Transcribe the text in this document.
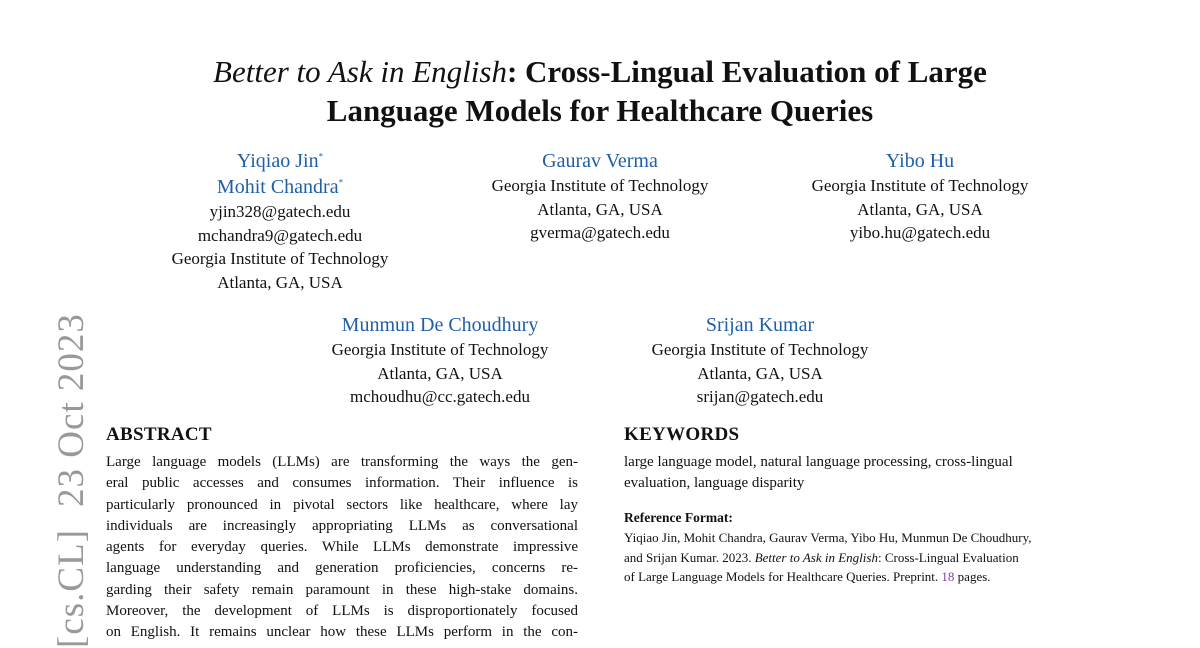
Better to Ask in English: Cross-Lingual Evaluation of Large
Language Models for Healthcare Queries
Yiqiao Jin*
Mohit Chandra*
yjin328@gatech.edu
mchandra9@gatech.edu
Georgia Institute of Technology
Atlanta, GA, USA
Gaurav Verma
Georgia Institute of Technology
Atlanta, GA, USA
gverma@gatech.edu
Yibo Hu
Georgia Institute of Technology
Atlanta, GA, USA
yibo.hu@gatech.edu
Munmun De Choudhury
Georgia Institute of Technology
Atlanta, GA, USA
mchoudhu@cc.gatech.edu
Srijan Kumar
Georgia Institute of Technology
Atlanta, GA, USA
srijan@gatech.edu
ABSTRACT
Large language models (LLMs) are transforming the ways the gen-
eral public accesses and consumes information. Their influence is
particularly pronounced in pivotal sectors like healthcare, where lay
individuals are increasingly appropriating LLMs as conversational
agents for everyday queries. While LLMs demonstrate impressive
language understanding and generation proficiencies, concerns re-
garding their safety remain paramount in these high-stake domains.
Moreover, the development of LLMs is disproportionately focused
on English. It remains unclear how these LLMs perform in the con-
KEYWORDS
large language model, natural language processing, cross-lingual
evaluation, language disparity
Reference Format:
Yiqiao Jin, Mohit Chandra, Gaurav Verma, Yibo Hu, Munmun De Choudhury,
and Srijan Kumar. 2023. Better to Ask in English: Cross-Lingual Evaluation
of Large Language Models for Healthcare Queries. Preprint. 18 pages.
[cs.CL]23 Oct 2023
